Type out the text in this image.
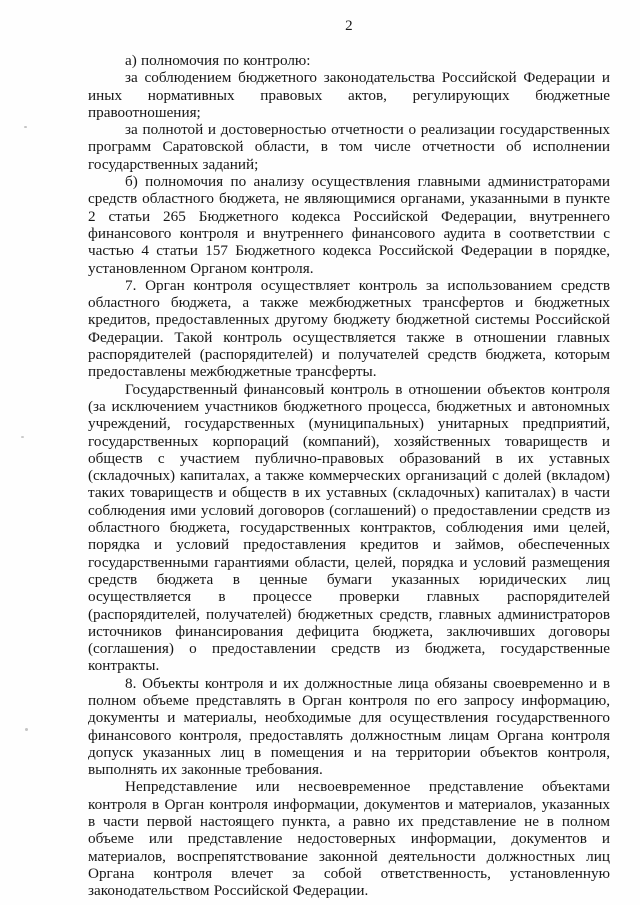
2

а) полномочия по контролю:

за соблюдением бюджетного законодательства Российской Федерации и иных нормативных правовых актов, регулирующих бюджетные правоотношения;

за полнотой и достоверностью отчетности о реализации государственных программ Саратовской области, в том числе отчетности об исполнении государственных заданий;

б) полномочия по анализу осуществления главными администраторами средств областного бюджета, не являющимися органами, указанными в пункте 2 статьи 265 Бюджетного кодекса Российской Федерации, внутреннего финансового контроля и внутреннего финансового аудита в соответствии с частью 4 статьи 157 Бюджетного кодекса Российской Федерации в порядке, установленном Органом контроля.

7. Орган контроля осуществляет контроль за использованием средств областного бюджета, а также межбюджетных трансфертов и бюджетных кредитов, предоставленных другому бюджету бюджетной системы Российской Федерации. Такой контроль осуществляется также в отношении главных распорядителей (распорядителей) и получателей средств бюджета, которым предоставлены межбюджетные трансферты.

Государственный финансовый контроль в отношении объектов контроля (за исключением участников бюджетного процесса, бюджетных и автономных учреждений, государственных (муниципальных) унитарных предприятий, государственных корпораций (компаний), хозяйственных товариществ и обществ с участием публично-правовых образований в их уставных (складочных) капиталах, а также коммерческих организаций с долей (вкладом) таких товариществ и обществ в их уставных (складочных) капиталах) в части соблюдения ими условий договоров (соглашений) о предоставлении средств из областного бюджета, государственных контрактов, соблюдения ими целей, порядка и условий предоставления кредитов и займов, обеспеченных государственными гарантиями области, целей, порядка и условий размещения средств бюджета в ценные бумаги указанных юридических лиц осуществляется в процессе проверки главных распорядителей (распорядителей, получателей) бюджетных средств, главных администраторов источников финансирования дефицита бюджета, заключивших договоры (соглашения) о предоставлении средств из бюджета, государственные контракты.

8. Объекты контроля и их должностные лица обязаны своевременно и в полном объеме представлять в Орган контроля по его запросу информацию, документы и материалы, необходимые для осуществления государственного финансового контроля, предоставлять должностным лицам Органа контроля допуск указанных лиц в помещения и на территории объектов контроля, выполнять их законные требования.

Непредставление или несвоевременное представление объектами контроля в Орган контроля информации, документов и материалов, указанных в части первой настоящего пункта, а равно их представление не в полном объеме или представление недостоверных информации, документов и материалов, воспрепятствование законной деятельности должностных лиц Органа контроля влечет за собой ответственность, установленную законодательством Российской Федерации.
